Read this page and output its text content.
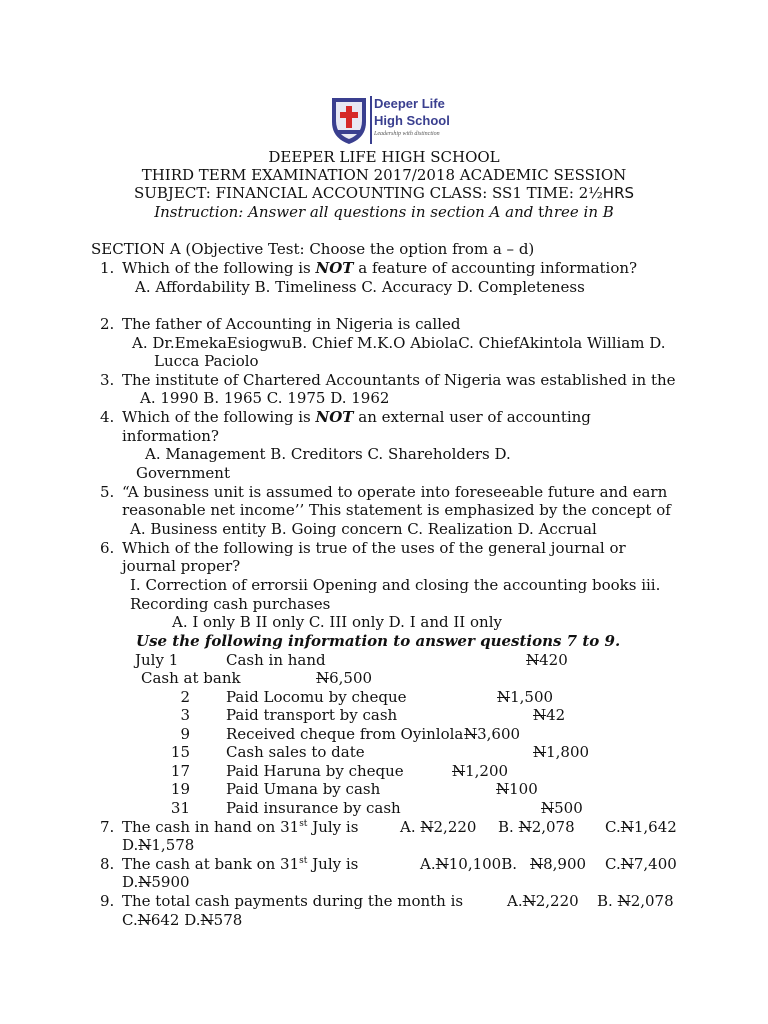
Deeper Life
High School
Leadership with distinction
DEEPER LIFE HIGH SCHOOL
THIRD TERM EXAMINATION 2017/2018 ACADEMIC SESSION
SUBJECT: FINANCIAL ACCOUNTING CLASS: SS1 TIME: 2½HRS
Instruction: Answer all questions in section A and three in B
SECTION A (Objective Test: Choose the option from a – d)
1. Which of the following is NOT a feature of accounting information?
A. Affordability B. Timeliness C. Accuracy D. Completeness
2. The father of Accounting in Nigeria is called
A. Dr.EmekaEsiogwuB. Chief M.K.O AbiolaC. ChiefAkintola William D.
Lucca Paciolo
3. The institute of Chartered Accountants of Nigeria was established in the
A. 1990 B. 1965 C. 1975 D. 1962
4. Which of the following is NOT an external user of accounting
information?
A. Management B. Creditors C. Shareholders D.
Government
5. “A business unit is assumed to operate into foreseeable future and earn
reasonable net income’’ This statement is emphasized by the concept of
A. Business entity B. Going concern C. Realization D. Accrual
6. Which of the following is true of the uses of the general journal or
journal proper?
I. Correction of errorsii Opening and closing the accounting books iii.
Recording cash purchases
A. I only B II only C. III only D. I and II only
Use the following information to answer questions 7 to 9.
July 1	Cash in hand	N420
Cash at bank	N6,500
2 Paid Locomu by cheque	N1,500
3 Paid transport by cash	N42
9 Received cheque from Oyinlola N3,600
15 Cash sales to date	N1,800
17 Paid Haruna by cheque	N1,200
19 Paid Umana by cash	N100
31 Paid insurance by cash	N500
7. The cash in hand on 31st July is	A. N2,220 B. N2,078 C.N1,642
D.N1,578
8. The cash at bank on 31st July is	A.N10,100B. N8,900 C.N7,400
D.N5900
9. The total cash payments during the month is	A.N2,220 B. N2,078
C.N642 D.N578
